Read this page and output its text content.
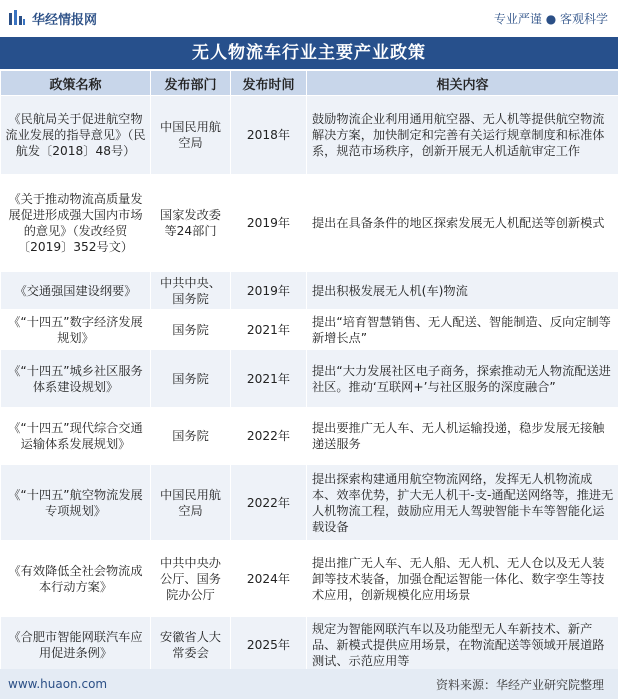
华经情报网	专业严谨 ● 客观科学
无人物流车行业主要产业政策
政策名称	发布部门	发布时间	相关内容
《民航局关于促进航空物流业发展的指导意见》（民航发〔2018〕48号）	中国民用航空局	2018年	鼓励物流企业利用通用航空器、无人机等提供航空物流解决方案，加快制定和完善有关运行规章制度和标准体系，规范市场秩序，创新开展无人机适航审定工作
《关于推动物流高质量发展促进形成强大国内市场的意见》（发改经贸〔2019〕352号文）	国家发改委等24部门	2019年	提出在具备条件的地区探索发展无人机配送等创新模式
《交通强国建设纲要》	中共中央、国务院	2019年	提出积极发展无人机(车)物流
《“十四五”数字经济发展规划》	国务院	2021年	提出“培育智慧销售、无人配送、智能制造、反向定制等新增长点”
《“十四五”城乡社区服务体系建设规划》	国务院	2021年	提出“大力发展社区电子商务，探索推动无人物流配送进社区。推动‘互联网+’与社区服务的深度融合”
《“十四五”现代综合交通运输体系发展规划》	国务院	2022年	提出要推广无人车、无人机运输投递，稳步发展无接触递送服务
《“十四五”航空物流发展专项规划》	中国民用航空局	2022年	提出探索构建通用航空物流网络，发挥无人机物流成本、效率优势，扩大无人机干-支-通配送网络等，推进无人机物流工程，鼓励应用无人驾驶智能卡车等智能化运载设备
《有效降低全社会物流成本行动方案》	中共中央办公厅、国务院办公厅	2024年	提出推广无人车、无人船、无人机、无人仓以及无人装卸等技术装备，加强仓配运智能一体化、数字孪生等技术应用，创新规模化应用场景
《合肥市智能网联汽车应用促进条例》	安徽省人大常委会	2025年	规定为智能网联汽车以及功能型无人车新技术、新产品、新模式提供应用场景，在物流配送等领域开展道路测试、示范应用等
www.huaon.com	资料来源：华经产业研究院整理
